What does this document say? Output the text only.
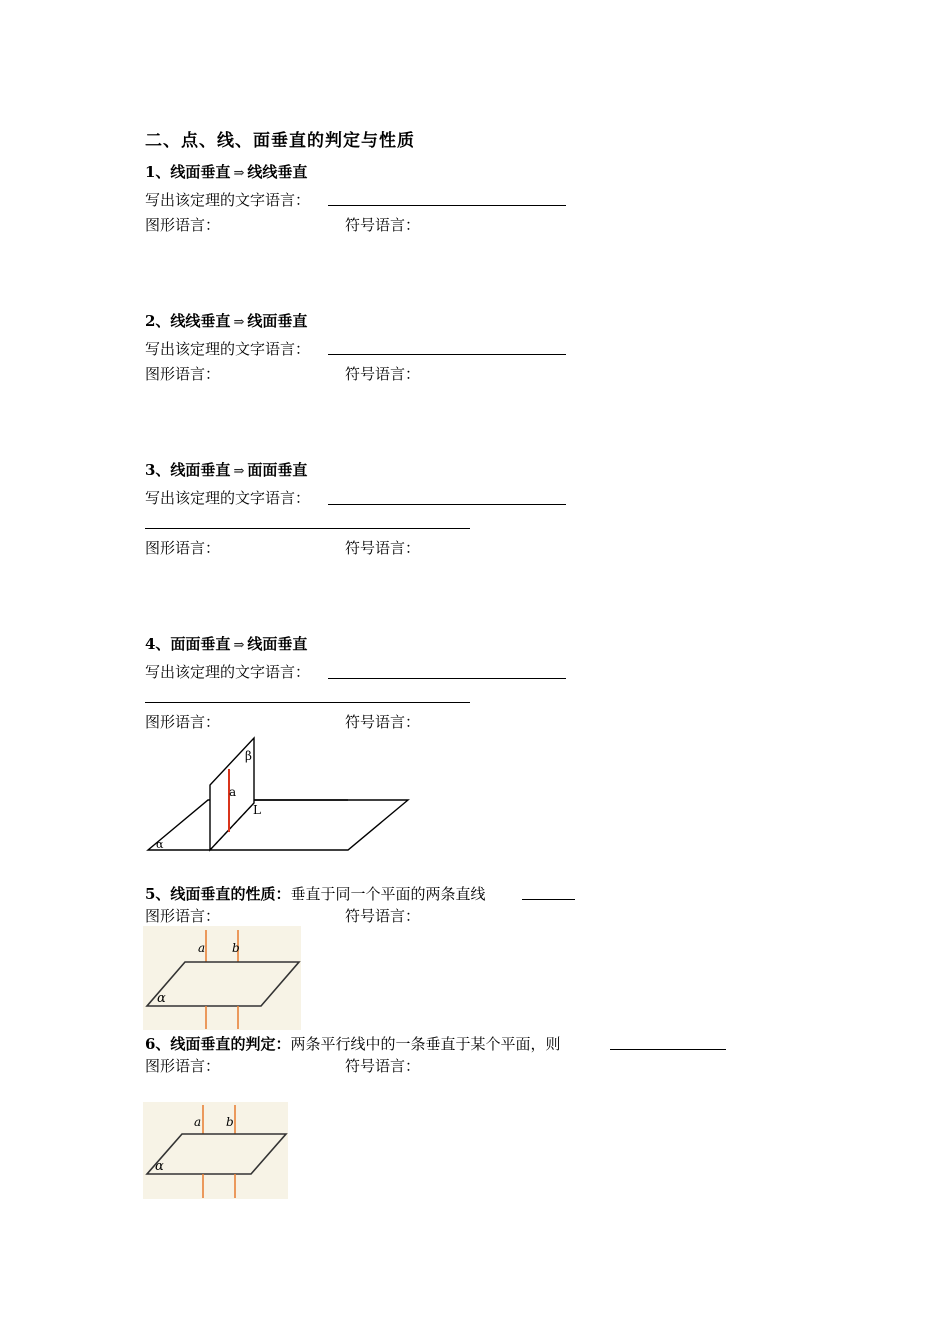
二、点、线、面垂直的判定与性质
1、线面垂直 ⇒ 线线垂直
写出该定理的文字语言：
图形语言：	符号语言：
2、线线垂直 ⇒ 线面垂直
写出该定理的文字语言：
图形语言：	符号语言：
3、线面垂直 ⇒ 面面垂直
写出该定理的文字语言：
图形语言：	符号语言：
4、面面垂直 ⇒ 线面垂直
写出该定理的文字语言：
图形语言：	符号语言：
β
a
L
α
5、线面垂直的性质：垂直于同一个平面的两条直线
图形语言：	符号语言：
a b
α
6、线面垂直的判定：两条平行线中的一条垂直于某个平面，则
图形语言：	符号语言：
a b
α
